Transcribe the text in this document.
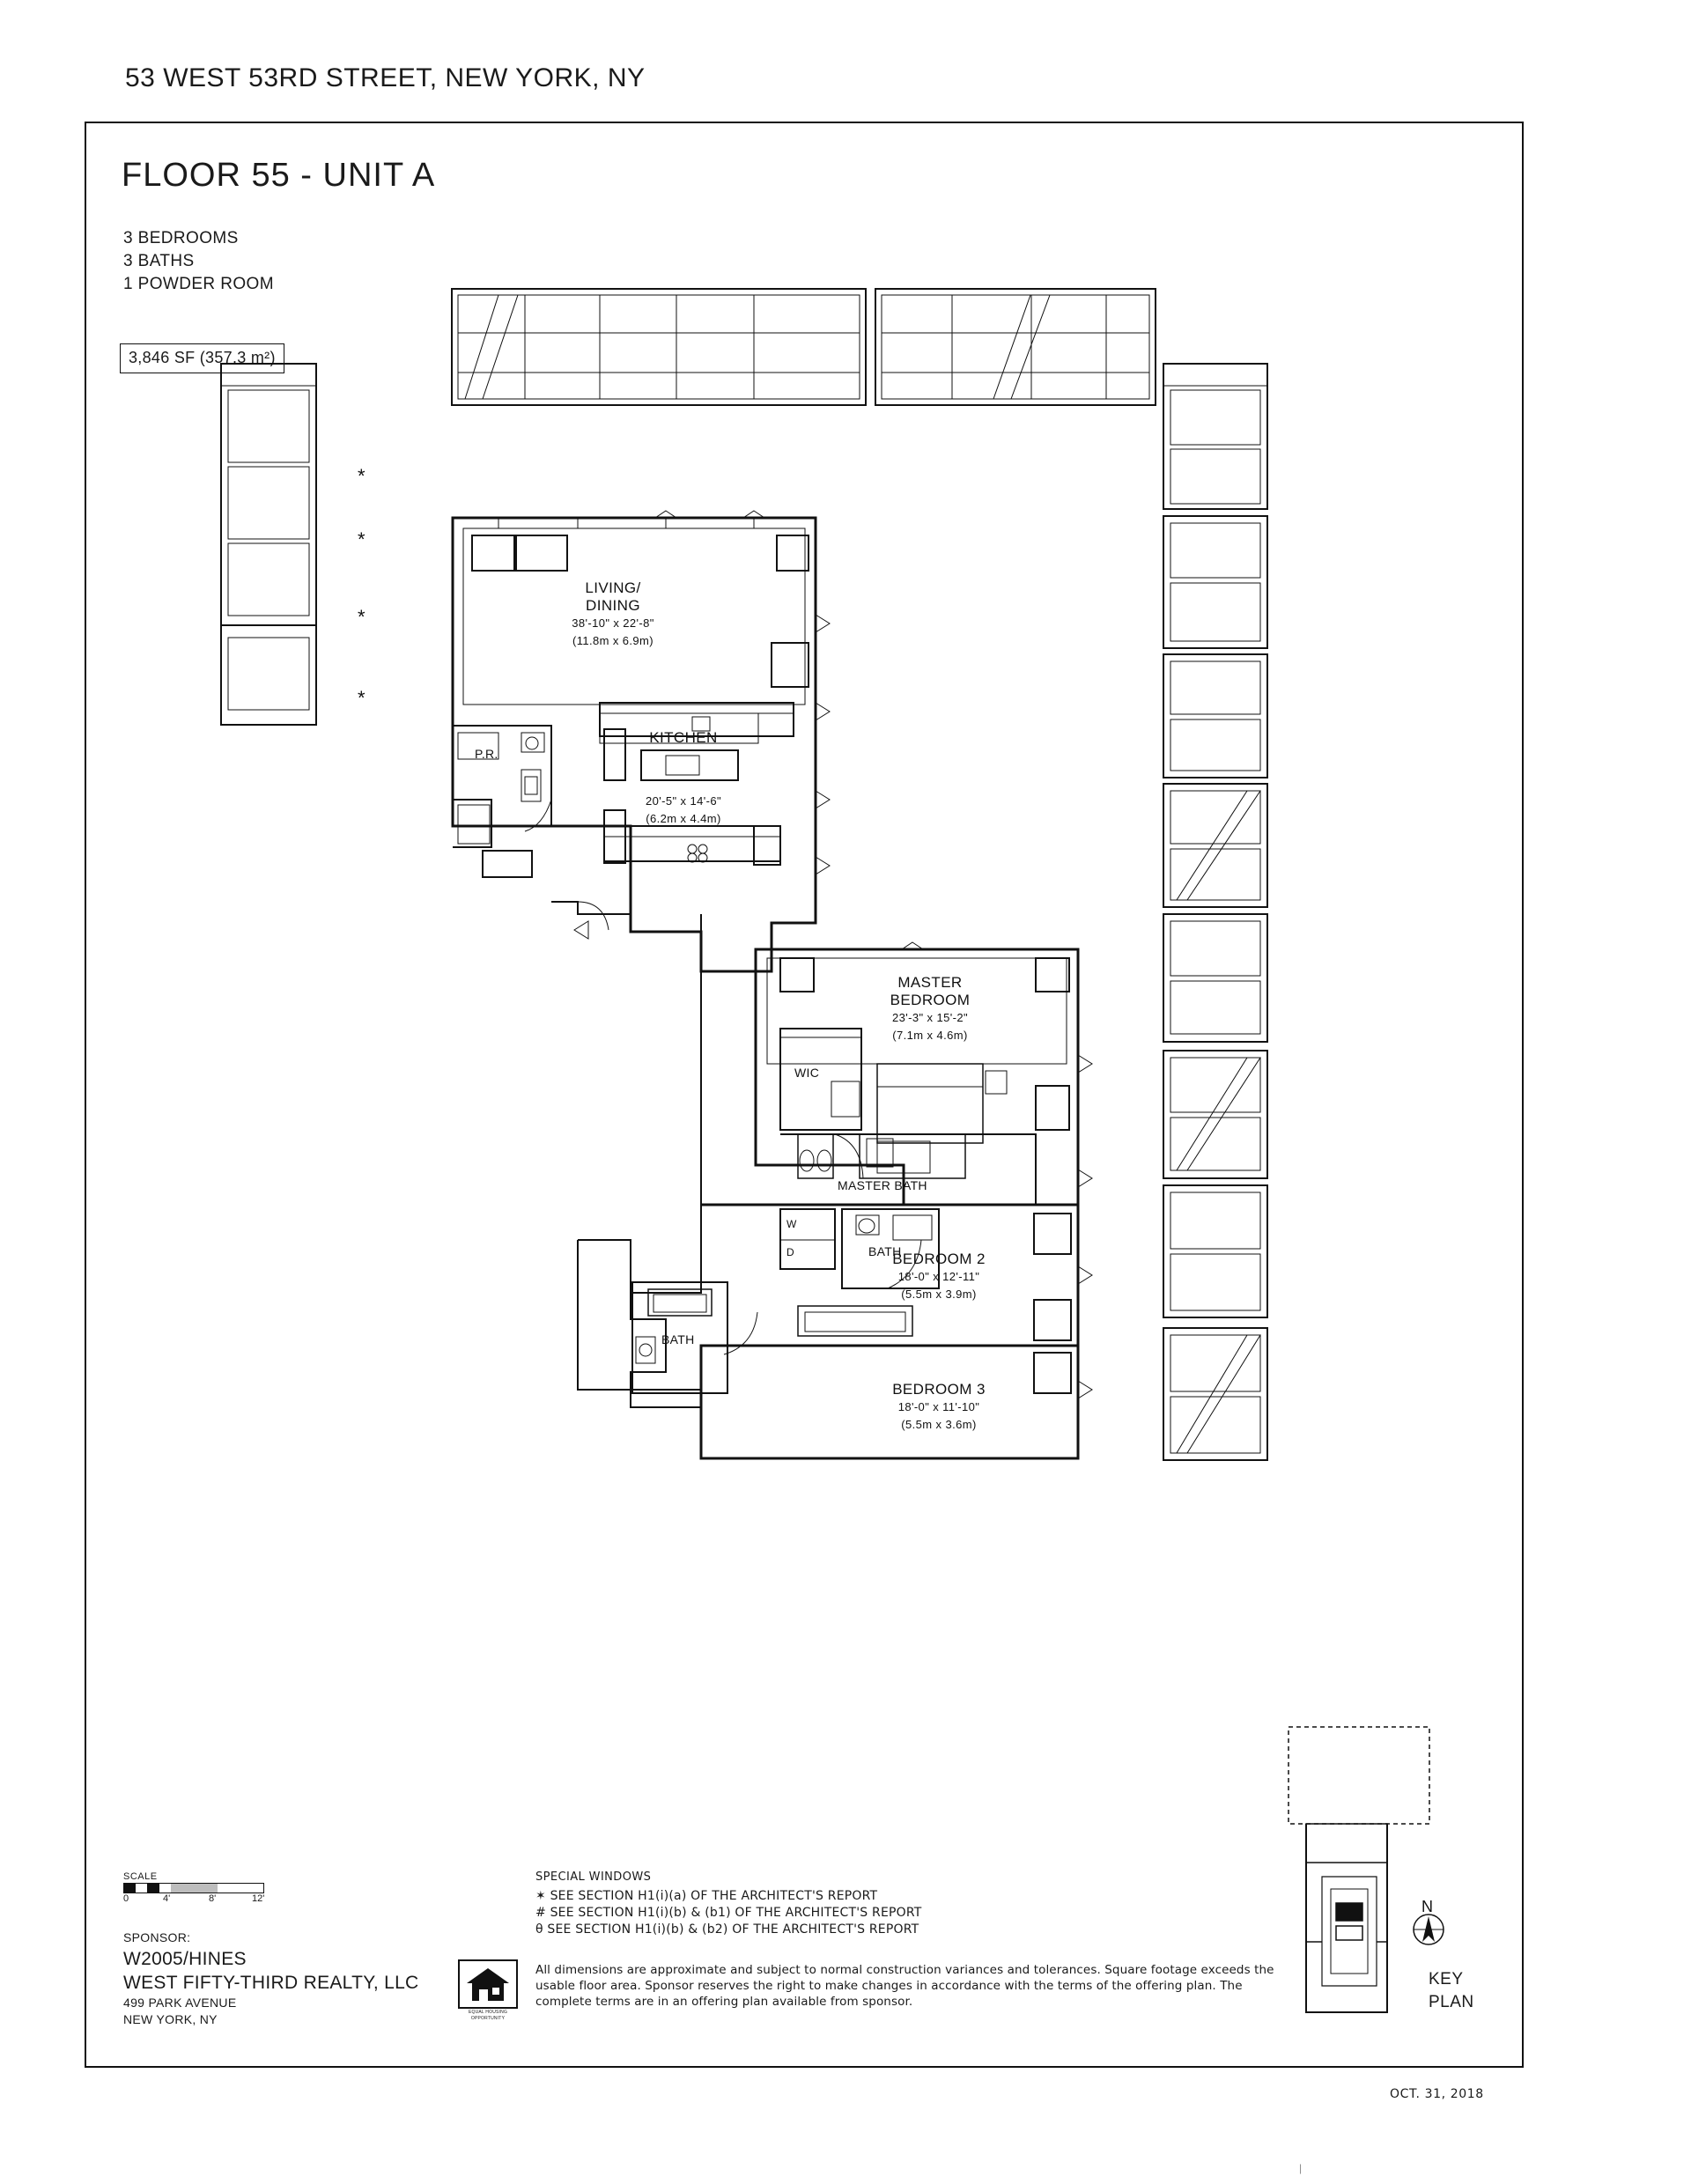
53 WEST 53RD STREET, NEW YORK, NY
FLOOR 55 - UNIT A
3 BEDROOMS
3 BATHS
1 POWDER ROOM
3,846 SF (357.3 m²)
LIVING/
DINING
38'-10" x 22'-8"
(11.8m x 6.9m)
KITCHEN
20'-5" x 14'-6"
(6.2m x 4.4m)
MASTER
BEDROOM
23'-3" x 15'-2"
(7.1m x 4.6m)
BEDROOM 2
18'-0" x 12'-11"
(5.5m x 3.9m)
BEDROOM 3
18'-0" x 11'-10"
(5.5m x 3.6m)
P.R.
WIC
MASTER BATH
BATH
BATH
W
D
*
*
*
*
SCALE
0	4'	8'	12'
SPONSOR:
W2005/HINES
WEST FIFTY-THIRD REALTY, LLC
499 PARK AVENUE
NEW YORK, NY	EQUAL HOUSING
OPPORTUNITY
SPECIAL WINDOWS
✶ SEE SECTION H1(i)(a) OF THE ARCHITECT'S REPORT
# SEE SECTION H1(i)(b) & (b1) OF THE ARCHITECT'S REPORT
θ SEE SECTION H1(i)(b) & (b2) OF THE ARCHITECT'S REPORT
All dimensions are approximate and subject to normal construction variances and tolerances. Square footage exceeds the usable floor area. Sponsor reserves the right to make changes in accordance with the terms of the offering plan. The complete terms are in an offering plan available from sponsor.
N
KEY
PLAN
OCT. 31, 2018
|
